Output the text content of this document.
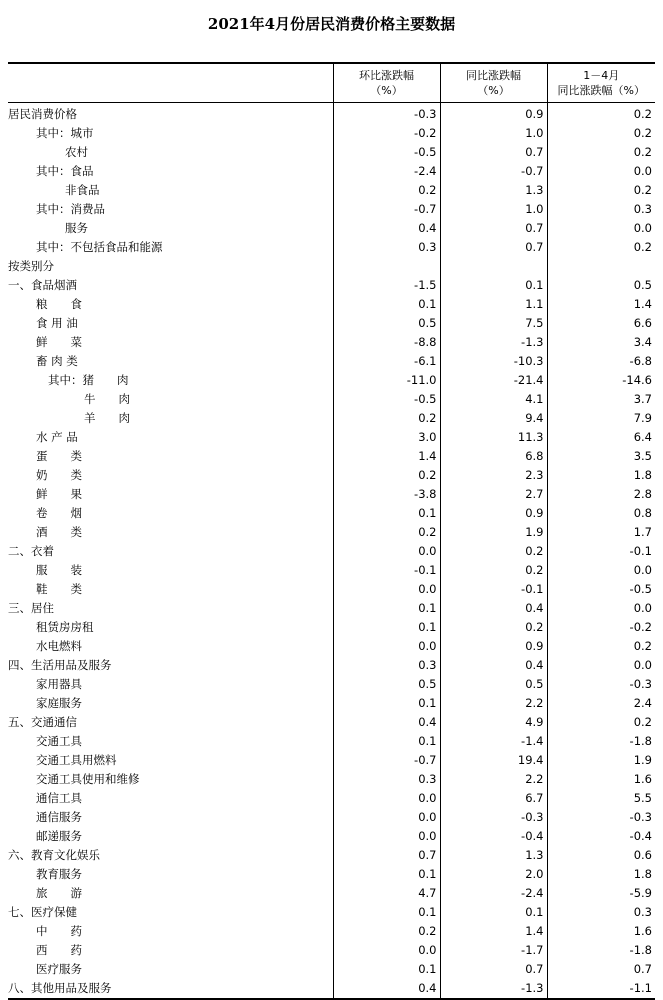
2021年4月份居民消费价格主要数据
	环比涨跌幅
（%）	同比涨跌幅
（%）	1－4月
同比涨跌幅（%）
居民消费价格	-0.3	0.9	0.2
其中：城市	-0.2	1.0	0.2
农村	-0.5	0.7	0.2
其中：食品	-2.4	-0.7	0.0
非食品	0.2	1.3	0.2
其中：消费品	-0.7	1.0	0.3
服务	0.4	0.7	0.0
其中：不包括食品和能源	0.3	0.7	0.2
按类别分			
一、食品烟酒	-1.5	0.1	0.5
粮　　食	0.1	1.1	1.4
食 用 油	0.5	7.5	6.6
鲜　　菜	-8.8	-1.3	3.4
畜 肉 类	-6.1	-10.3	-6.8
其中：猪　　肉	-11.0	-21.4	-14.6
牛　　肉	-0.5	4.1	3.7
羊　　肉	0.2	9.4	7.9
水 产 品	3.0	11.3	6.4
蛋　　类	1.4	6.8	3.5
奶　　类	0.2	2.3	1.8
鲜　　果	-3.8	2.7	2.8
卷　　烟	0.1	0.9	0.8
酒　　类	0.2	1.9	1.7
二、衣着	0.0	0.2	-0.1
服　　装	-0.1	0.2	0.0
鞋　　类	0.0	-0.1	-0.5
三、居住	0.1	0.4	0.0
租赁房房租	0.1	0.2	-0.2
水电燃料	0.0	0.9	0.2
四、生活用品及服务	0.3	0.4	0.0
家用器具	0.5	0.5	-0.3
家庭服务	0.1	2.2	2.4
五、交通通信	0.4	4.9	0.2
交通工具	0.1	-1.4	-1.8
交通工具用燃料	-0.7	19.4	1.9
交通工具使用和维修	0.3	2.2	1.6
通信工具	0.0	6.7	5.5
通信服务	0.0	-0.3	-0.3
邮递服务	0.0	-0.4	-0.4
六、教育文化娱乐	0.7	1.3	0.6
教育服务	0.1	2.0	1.8
旅　　游	4.7	-2.4	-5.9
七、医疗保健	0.1	0.1	0.3
中　　药	0.2	1.4	1.6
西　　药	0.0	-1.7	-1.8
医疗服务	0.1	0.7	0.7
八、其他用品及服务	0.4	-1.3	-1.1
